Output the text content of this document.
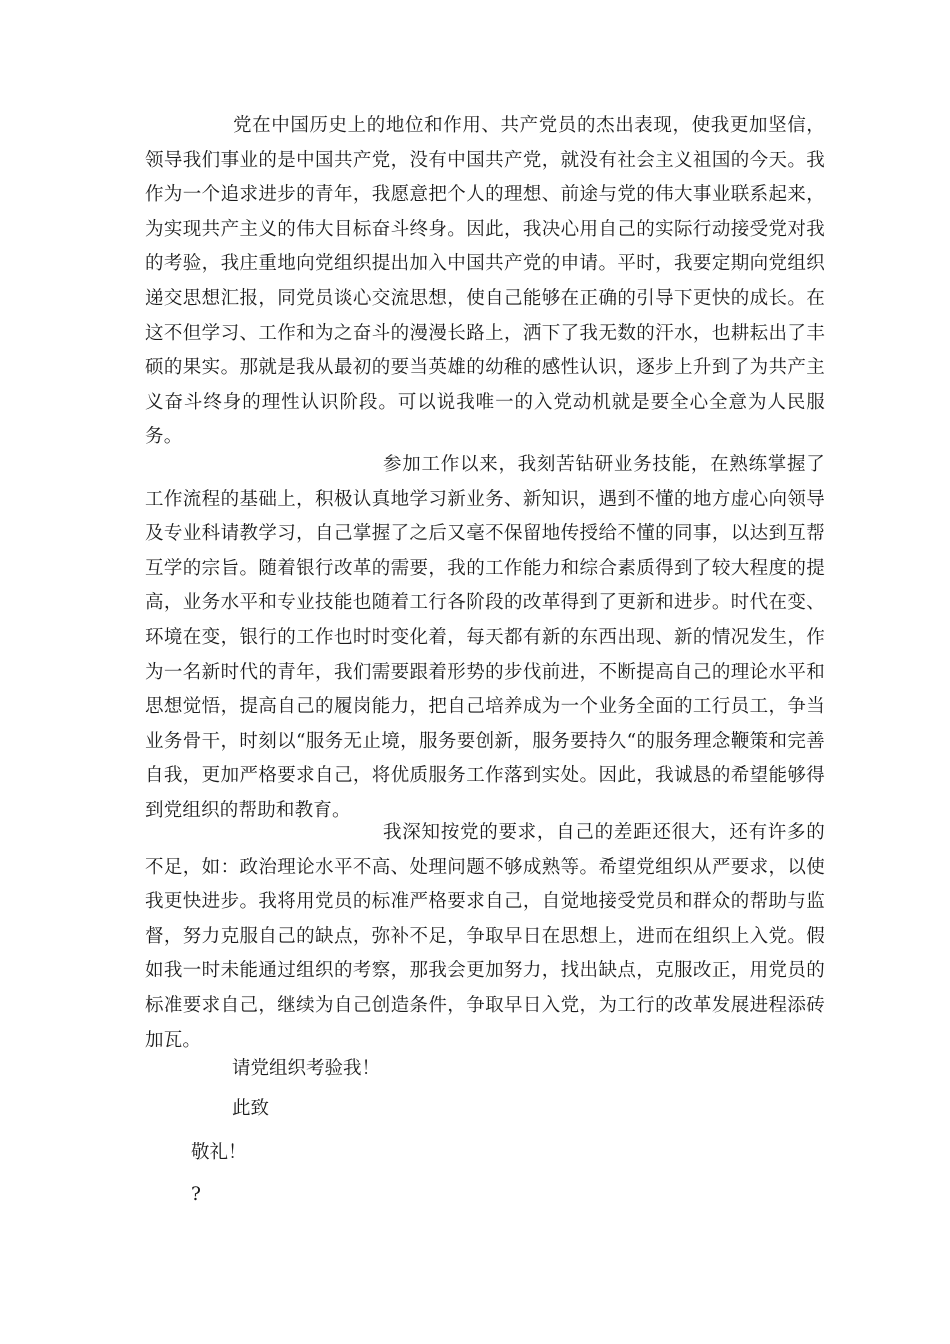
党在中国历史上的地位和作用、共产党员的杰出表现，使我更加坚信，领导我们事业的是中国共产党，没有中国共产党，就没有社会主义祖国的今天。我作为一个追求进步的青年，我愿意把个人的理想、前途与党的伟大事业联系起来，为实现共产主义的伟大目标奋斗终身。因此，我决心用自己的实际行动接受党对我的考验，我庄重地向党组织提出加入中国共产党的申请。平时，我要定期向党组织递交思想汇报，同党员谈心交流思想，使自己能够在正确的引导下更快的成长。在这不但学习、工作和为之奋斗的漫漫长路上，洒下了我无数的汗水，也耕耘出了丰硕的果实。那就是我从最初的要当英雄的幼稚的感性认识，逐步上升到了为共产主义奋斗终身的理性认识阶段。可以说我唯一的入党动机就是要全心全意为人民服务。

参加工作以来，我刻苦钻研业务技能，在熟练掌握了工作流程的基础上，积极认真地学习新业务、新知识，遇到不懂的地方虚心向领导及专业科请教学习，自己掌握了之后又毫不保留地传授给不懂的同事，以达到互帮互学的宗旨。随着银行改革的需要，我的工作能力和综合素质得到了较大程度的提高，业务水平和专业技能也随着工行各阶段的改革得到了更新和进步。时代在变、环境在变，银行的工作也时时变化着，每天都有新的东西出现、新的情况发生，作为一名新时代的青年，我们需要跟着形势的步伐前进，不断提高自己的理论水平和思想觉悟，提高自己的履岗能力，把自己培养成为一个业务全面的工行员工，争当业务骨干，时刻以“服务无止境，服务要创新，服务要持久“的服务理念鞭策和完善自我，更加严格要求自己，将优质服务工作落到实处。因此，我诚恳的希望能够得到党组织的帮助和教育。

我深知按党的要求，自己的差距还很大，还有许多的不足，如：政治理论水平不高、处理问题不够成熟等。希望党组织从严要求，以使我更快进步。我将用党员的标准严格要求自己，自觉地接受党员和群众的帮助与监督，努力克服自己的缺点，弥补不足，争取早日在思想上，进而在组织上入党。假如我一时未能通过组织的考察，那我会更加努力，找出缺点，克服改正，用党员的标准要求自己，继续为自己创造条件，争取早日入党，为工行的改革发展进程添砖加瓦。

请党组织考验我！

此致

敬礼！

?
